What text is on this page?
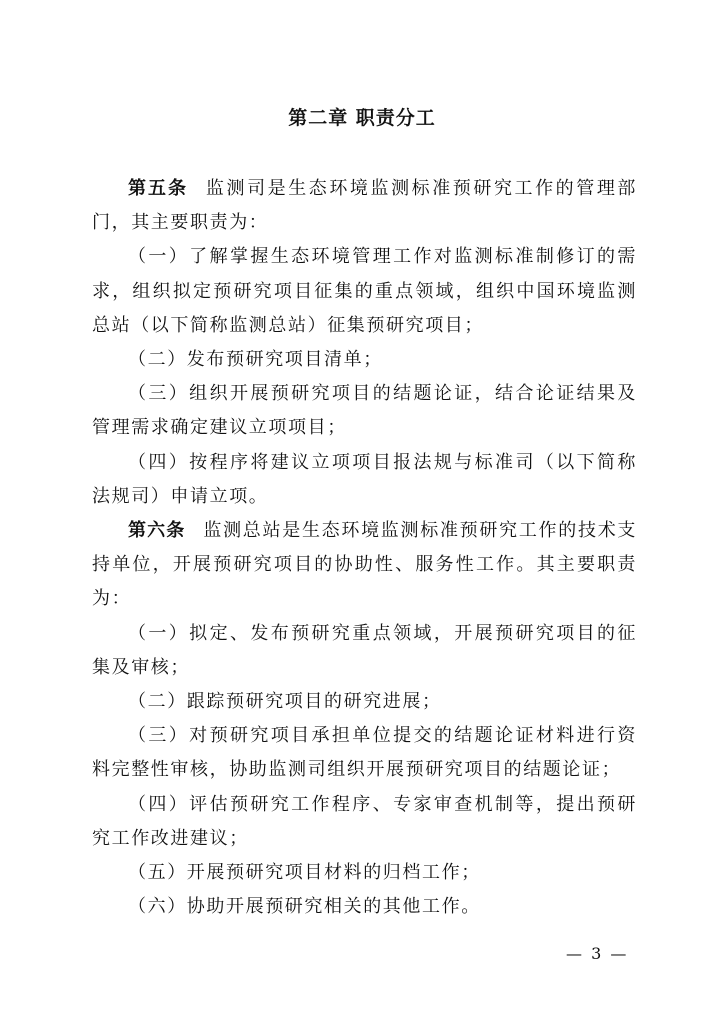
第二章 职责分工

第五条 监测司是生态环境监测标准预研究工作的管理部门，其主要职责为：

（一）了解掌握生态环境管理工作对监测标准制修订的需求，组织拟定预研究项目征集的重点领域，组织中国环境监测总站（以下简称监测总站）征集预研究项目；

（二）发布预研究项目清单；

（三）组织开展预研究项目的结题论证，结合论证结果及管理需求确定建议立项项目；

（四）按程序将建议立项项目报法规与标准司（以下简称法规司）申请立项。

第六条 监测总站是生态环境监测标准预研究工作的技术支持单位，开展预研究项目的协助性、服务性工作。其主要职责为：

（一）拟定、发布预研究重点领域，开展预研究项目的征集及审核；

（二）跟踪预研究项目的研究进展；

（三）对预研究项目承担单位提交的结题论证材料进行资料完整性审核，协助监测司组织开展预研究项目的结题论证；

（四）评估预研究工作程序、专家审查机制等，提出预研究工作改进建议；

（五）开展预研究项目材料的归档工作；

（六）协助开展预研究相关的其他工作。

— 3 —
